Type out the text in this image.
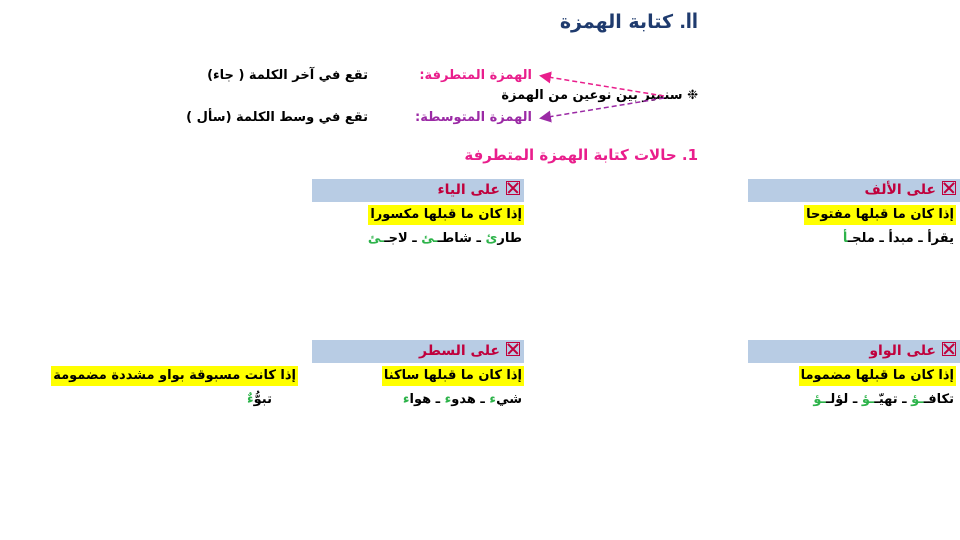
II. كتابة الهمزة
❉ سنميز بين نوعين من الهمزة
الهمزة المتطرفة:
تقع في آخر الكلمة ( جاء)
الهمزة المتوسطة:
تقع في وسط الكلمة (سأل )
1. حالات كتابة الهمزة المتطرفة
على الألف
إذا كان ما قبلها مفتوحا
يقرأ ـ مبدأ ـ ملجـأ
على الياء
إذا كان ما قبلها مكسورا
طارئ ـ شاطــئ ـ لاجــئ
على الواو
إذا كان ما قبلها مضموما
تكافــؤ ـ تهيّــؤ ـ لؤلــؤ
على السطر
إذا كان ما قبلها ساكنا
إذا كانت مسبوقة بواو مشددة مضمومة
شيء ـ هدوء ـ هواء
تبوُّءٌ
